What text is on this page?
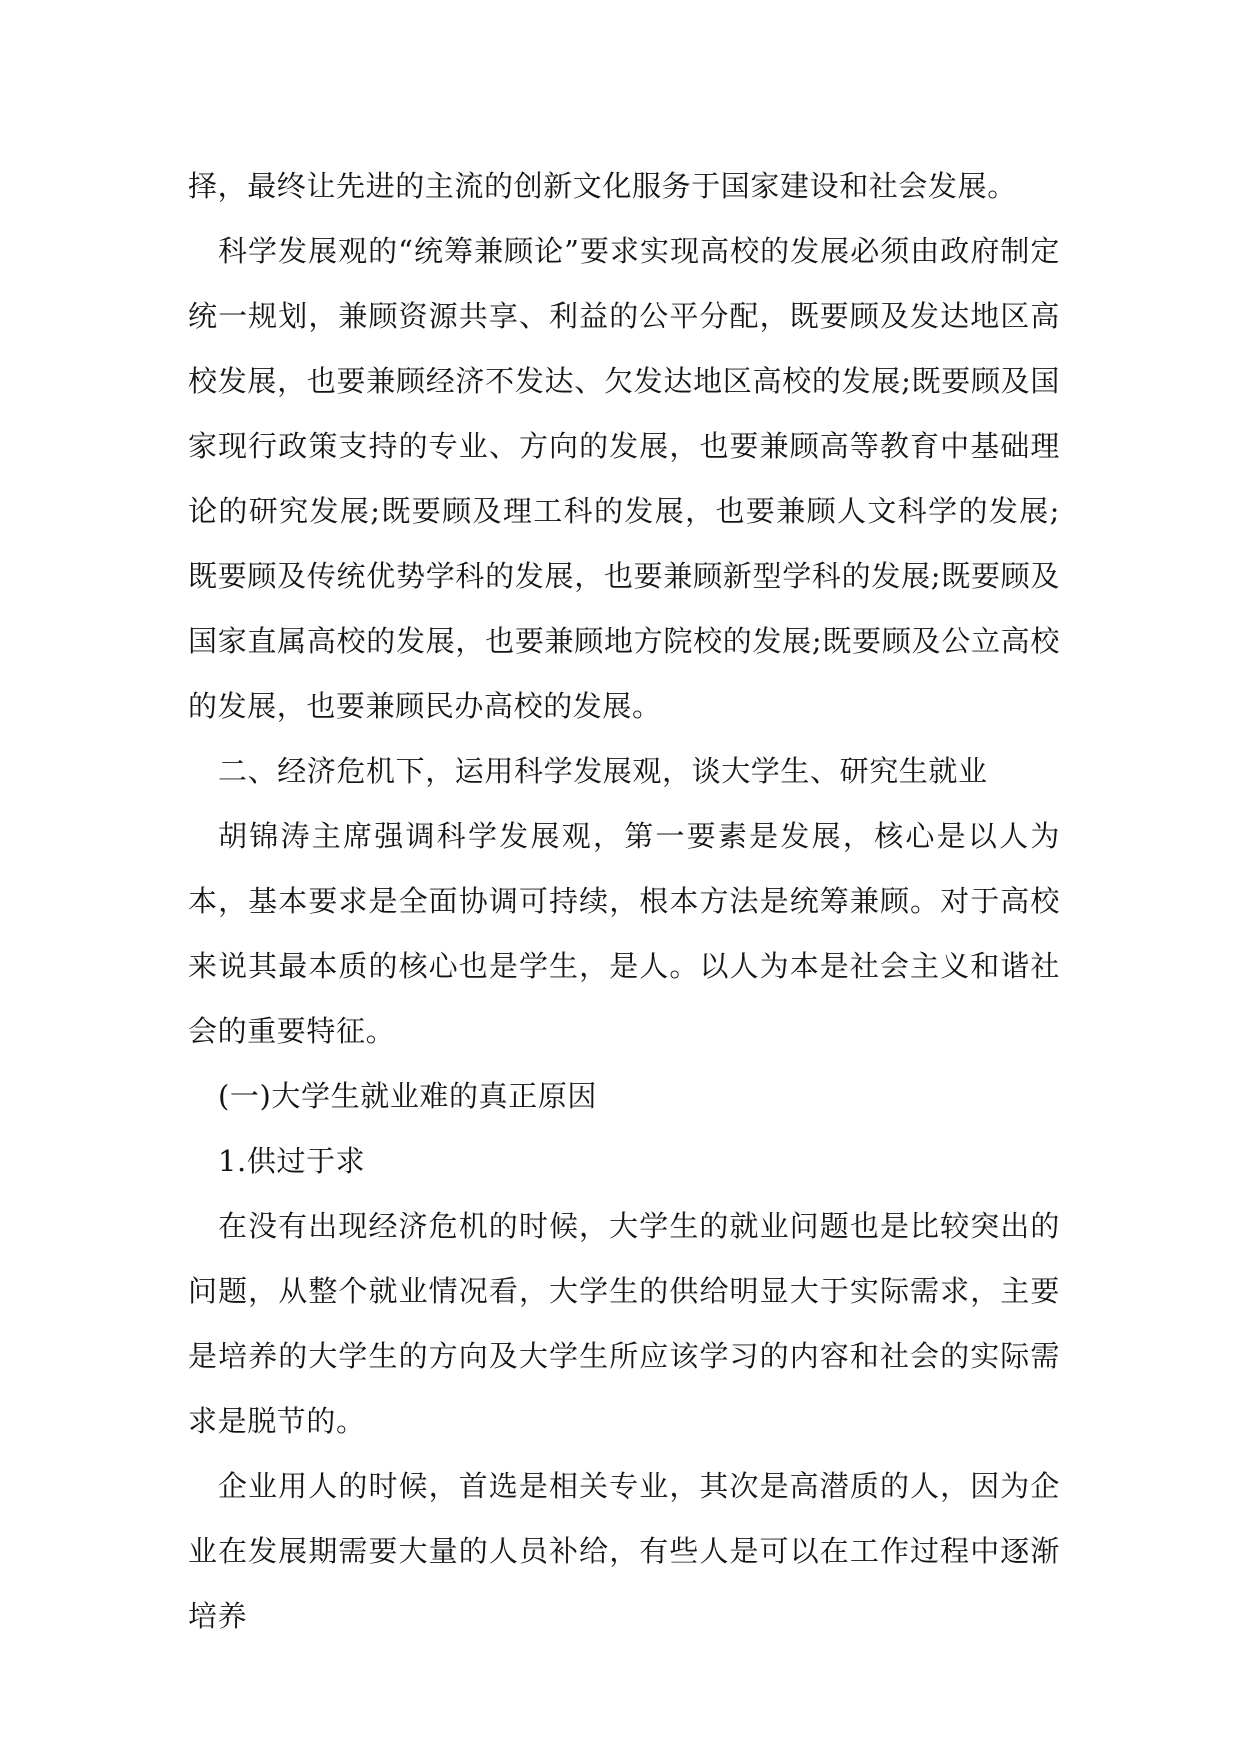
择，最终让先进的主流的创新文化服务于国家建设和社会发展。

科学发展观的“统筹兼顾论”要求实现高校的发展必须由政府制定统一规划，兼顾资源共享、利益的公平分配，既要顾及发达地区高校发展，也要兼顾经济不发达、欠发达地区高校的发展;既要顾及国家现行政策支持的专业、方向的发展，也要兼顾高等教育中基础理论的研究发展;既要顾及理工科的发展，也要兼顾人文科学的发展;既要顾及传统优势学科的发展，也要兼顾新型学科的发展;既要顾及国家直属高校的发展，也要兼顾地方院校的发展;既要顾及公立高校的发展，也要兼顾民办高校的发展。

二、经济危机下，运用科学发展观，谈大学生、研究生就业

胡锦涛主席强调科学发展观，第一要素是发展，核心是以人为本，基本要求是全面协调可持续，根本方法是统筹兼顾。对于高校来说其最本质的核心也是学生，是人。以人为本是社会主义和谐社会的重要特征。

(一)大学生就业难的真正原因

1.供过于求

在没有出现经济危机的时候，大学生的就业问题也是比较突出的问题，从整个就业情况看，大学生的供给明显大于实际需求，主要是培养的大学生的方向及大学生所应该学习的内容和社会的实际需求是脱节的。

企业用人的时候，首选是相关专业，其次是高潜质的人，因为企业在发展期需要大量的人员补给，有些人是可以在工作过程中逐渐培养
